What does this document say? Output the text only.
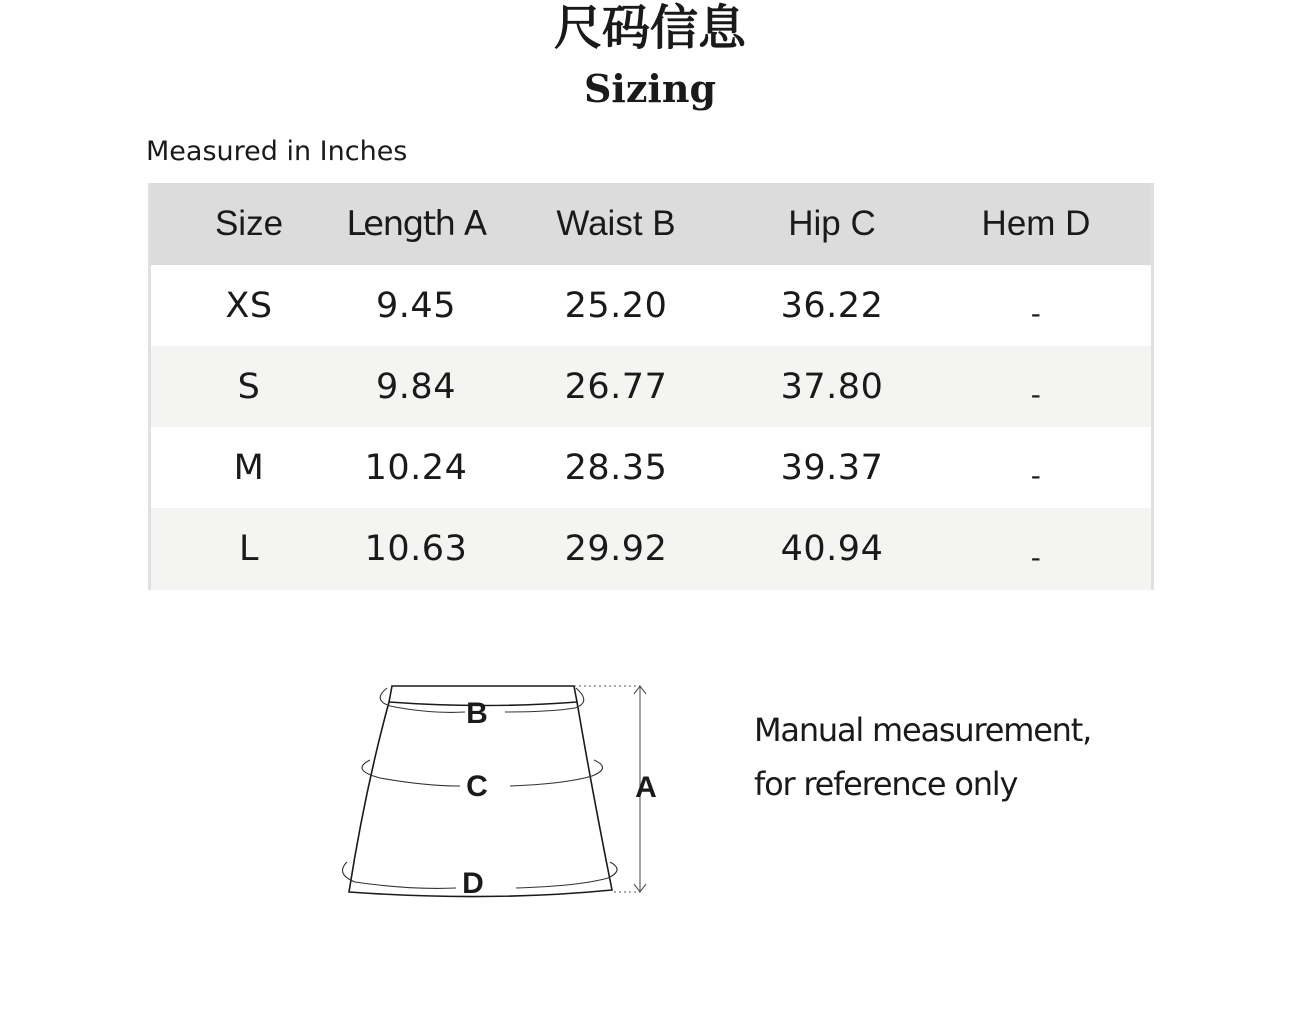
尺码信息
Sizing
Measured in Inches
Size	Length A	Waist B	Hip C	Hem D
XS	9.45	25.20	36.22	-
S	9.84	26.77	37.80	-
M	10.24	28.35	39.37	-
L	10.63	29.92	40.94	-
B
C
D
A
Manual measurement,
for reference only
